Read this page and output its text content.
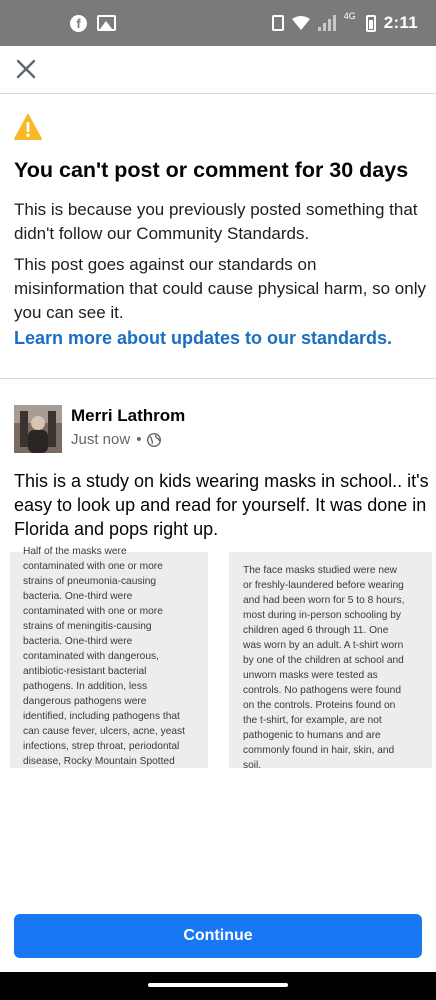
f	4G 2:11
You can't post or comment for 30 days
This is because you previously posted something that didn't follow our Community Standards.
This post goes against our standards on misinformation that could cause physical harm, so only you can see it.
Learn more about updates to our standards.
Merri Lathrom
Just now •
This is a study on kids wearing masks in school.. it's easy to look up and read for yourself. It was done in Florida and pops right up.
Half of the masks were
contaminated with one or more
strains of pneumonia-causing
bacteria. One-third were
contaminated with one or more
strains of meningitis-causing
bacteria. One-third were
contaminated with dangerous,
antibiotic-resistant bacterial
pathogens. In addition, less
dangerous pathogens were
identified, including pathogens that
can cause fever, ulcers, acne, yeast
infections, strep throat, periodontal
disease, Rocky Mountain Spotted
The face masks studied were new
or freshly-laundered before wearing
and had been worn for 5 to 8 hours,
most during in-person schooling by
children aged 6 through 11. One
was worn by an adult. A t-shirt worn
by one of the children at school and
unworn masks were tested as
controls. No pathogens were found
on the controls. Proteins found on
the t-shirt, for example, are not
pathogenic to humans and are
commonly found in hair, skin, and
soil.
Continue
